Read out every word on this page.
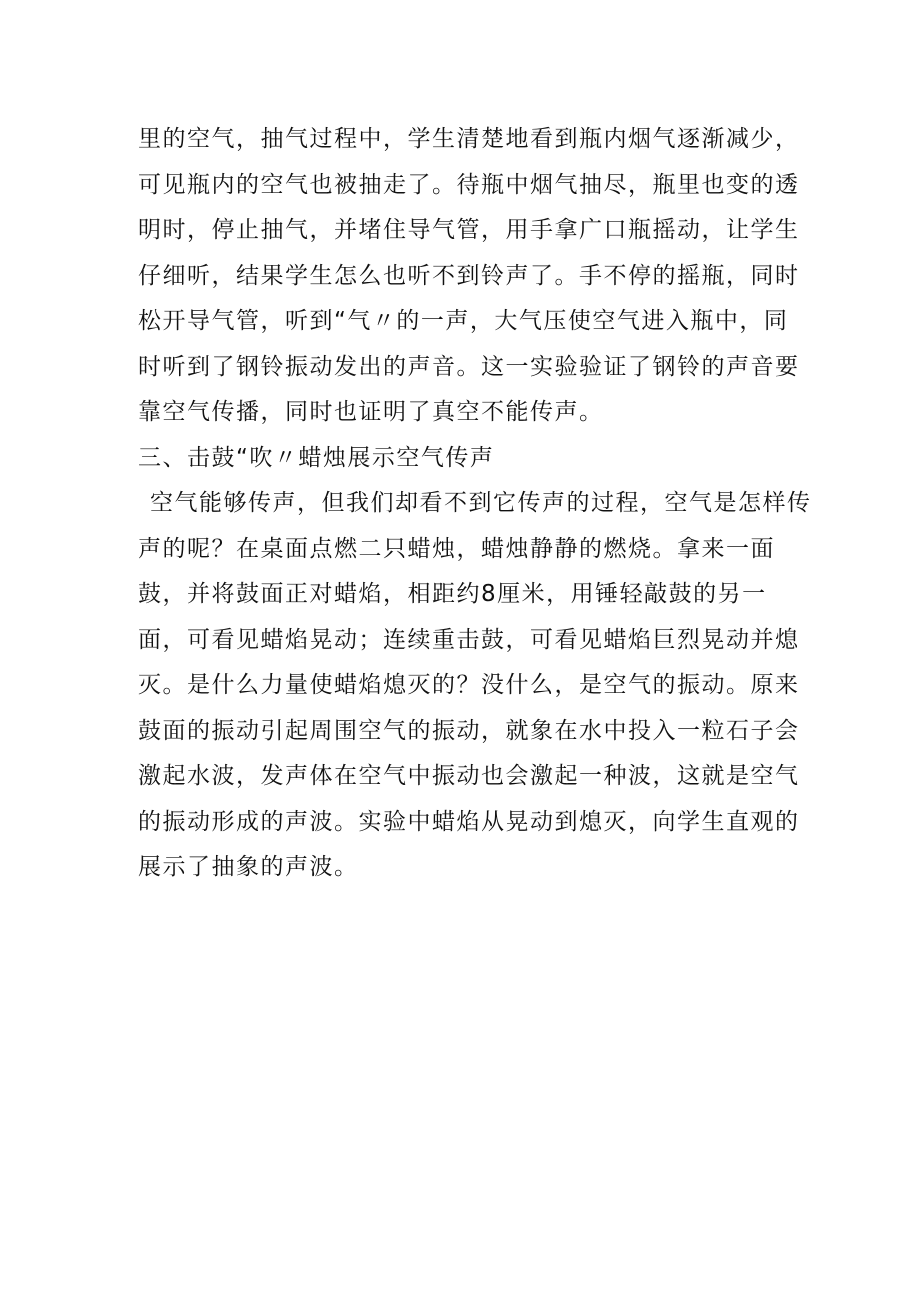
里的空气，抽气过程中，学生清楚地看到瓶内烟气逐渐减少，
可见瓶内的空气也被抽走了。待瓶中烟气抽尽，瓶里也变的透
明时，停止抽气，并堵住导气管，用手拿广口瓶摇动，让学生
仔细听，结果学生怎么也听不到铃声了。手不停的摇瓶，同时
松开导气管，听到“气〃的一声，大气压使空气进入瓶中，同
时听到了钢铃振动发出的声音。这一实验验证了钢铃的声音要
靠空气传播，同时也证明了真空不能传声。
三、击鼓“吹〃蜡烛展示空气传声
空气能够传声，但我们却看不到它传声的过程，空气是怎样传
声的呢？在桌面点燃二只蜡烛，蜡烛静静的燃烧。拿来一面
鼓，并将鼓面正对蜡焰，相距约8厘米，用锤轻敲鼓的另一
面，可看见蜡焰晃动；连续重击鼓，可看见蜡焰巨烈晃动并熄
灭。是什么力量使蜡焰熄灭的？没什么，是空气的振动。原来
鼓面的振动引起周围空气的振动，就象在水中投入一粒石子会
激起水波，发声体在空气中振动也会激起一种波，这就是空气
的振动形成的声波。实验中蜡焰从晃动到熄灭，向学生直观的
展示了抽象的声波。
